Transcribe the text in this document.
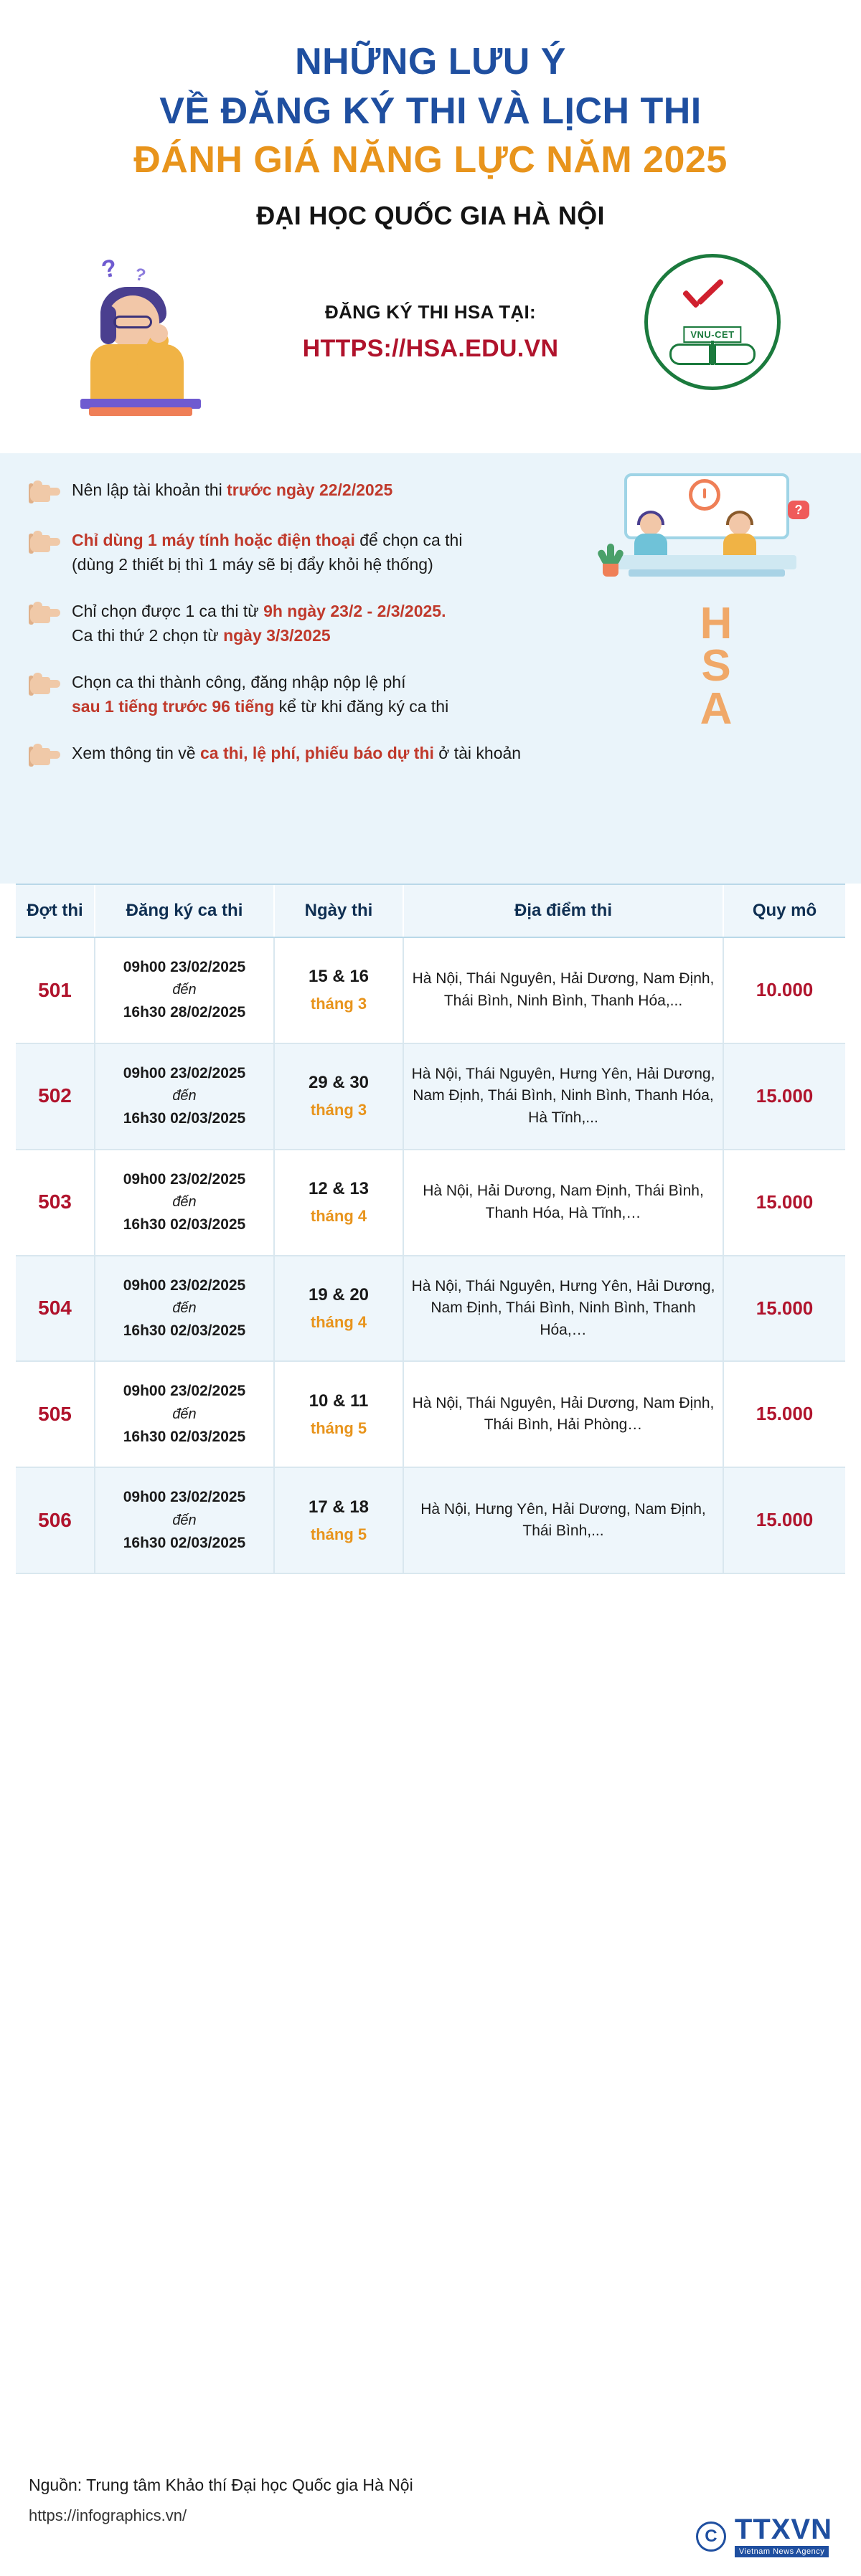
NHỮNG LƯU Ý
VỀ ĐĂNG KÝ THI VÀ LỊCH THI
ĐÁNH GIÁ NĂNG LỰC NĂM 2025
ĐẠI HỌC QUỐC GIA HÀ NỘI
? ?
ĐĂNG KÝ THI HSA TẠI:
HTTPS://HSA.EDU.VN
VNU-CET
?
H
S
A
Nên lập tài khoản thi trước ngày 22/2/2025
Chỉ dùng 1 máy tính hoặc điện thoại để chọn ca thi
(dùng 2 thiết bị thì 1 máy sẽ bị đẩy khỏi hệ thống)
Chỉ chọn được 1 ca thi từ 9h ngày 23/2 - 2/3/2025.
Ca thi thứ 2 chọn từ ngày 3/3/2025
Chọn ca thi thành công, đăng nhập nộp lệ phí
sau 1 tiếng trước 96 tiếng kể từ khi đăng ký ca thi
Xem thông tin về ca thi, lệ phí, phiếu báo dự thi ở tài khoản
Đợt thi	Đăng ký ca thi	Ngày thi	Địa điểm thi	Quy mô
501	09h00 23/02/2025
đến
16h30 28/02/2025	15 & 16
tháng 3	Hà Nội, Thái Nguyên, Hải Dương, Nam Định, Thái Bình, Ninh Bình, Thanh Hóa,...	10.000
502	09h00 23/02/2025
đến
16h30 02/03/2025	29 & 30
tháng 3	Hà Nội, Thái Nguyên, Hưng Yên, Hải Dương, Nam Định, Thái Bình, Ninh Bình, Thanh Hóa, Hà Tĩnh,...	15.000
503	09h00 23/02/2025
đến
16h30 02/03/2025	12 & 13
tháng 4	Hà Nội, Hải Dương, Nam Định, Thái Bình, Thanh Hóa, Hà Tĩnh,…	15.000
504	09h00 23/02/2025
đến
16h30 02/03/2025	19 & 20
tháng 4	Hà Nội, Thái Nguyên, Hưng Yên, Hải Dương, Nam Định, Thái Bình, Ninh Bình, Thanh Hóa,…	15.000
505	09h00 23/02/2025
đến
16h30 02/03/2025	10 & 11
tháng 5	Hà Nội, Thái Nguyên, Hải Dương, Nam Định, Thái Bình, Hải Phòng…	15.000
506	09h00 23/02/2025
đến
16h30 02/03/2025	17 & 18
tháng 5	Hà Nội, Hưng Yên, Hải Dương, Nam Định, Thái Bình,...	15.000
Nguồn: Trung tâm Khảo thí Đại học Quốc gia Hà Nội
https://infographics.vn/
C TTXVN
Vietnam News Agency
